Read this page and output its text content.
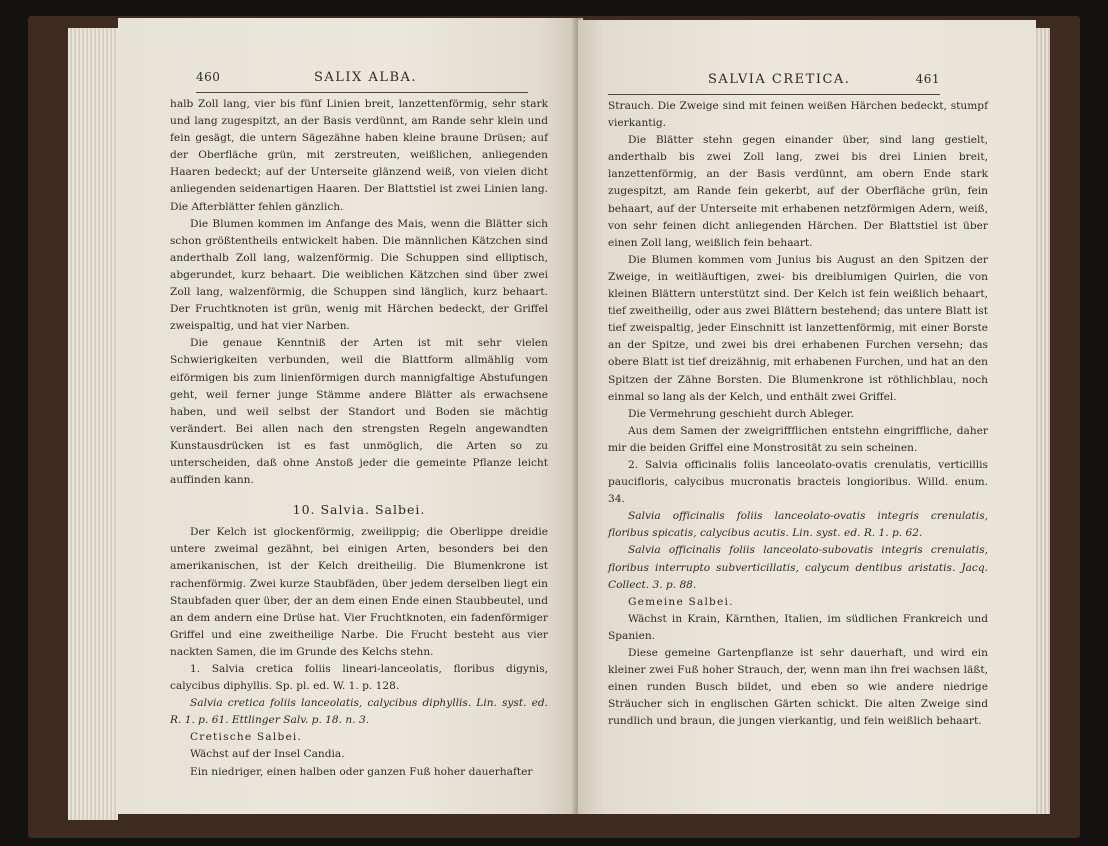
460	SALIX ALBA.

halb Zoll lang, vier bis fünf Linien breit, lanzettenförmig, sehr stark und lang zugespitzt, an der Basis verdünnt, am Rande sehr klein und fein gesägt, die untern Sägezähne haben kleine braune Drüsen; auf der Oberfläche grün, mit zerstreuten, weißlichen, anliegenden Haaren bedeckt; auf der Unterseite glänzend weiß, von vielen dicht anliegenden seidenartigen Haaren. Der Blattstiel ist zwei Linien lang. Die Afterblätter fehlen gänzlich.

Die Blumen kommen im Anfange des Mais, wenn die Blätter sich schon größtentheils entwickelt haben. Die männlichen Kätzchen sind anderthalb Zoll lang, walzenförmig. Die Schuppen sind elliptisch, abgerundet, kurz behaart. Die weiblichen Kätzchen sind über zwei Zoll lang, walzenförmig, die Schuppen sind länglich, kurz behaart. Der Fruchtknoten ist grün, wenig mit Härchen bedeckt, der Griffel zweispaltig, und hat vier Narben.

Die genaue Kenntniß der Arten ist mit sehr vielen Schwierigkeiten verbunden, weil die Blattform allmählig vom eiförmigen bis zum linienförmigen durch mannigfaltige Abstufungen geht, weil ferner junge Stämme andere Blätter als erwachsene haben, und weil selbst der Standort und Boden sie mächtig verändert. Bei allen nach den strengsten Regeln angewandten Kunstausdrücken ist es fast unmöglich, die Arten so zu unterscheiden, daß ohne Anstoß jeder die gemeinte Pflanze leicht auffinden kann.

10. Salvia. Salbei.

Der Kelch ist glockenförmig, zweilippig; die Oberlippe dreidie untere zweimal gezähnt, bei einigen Arten, besonders bei den amerikanischen, ist der Kelch dreitheilig. Die Blumenkrone ist rachenförmig. Zwei kurze Staubfäden, über jedem derselben liegt ein Staubfaden quer über, der an dem einen Ende einen Staubbeutel, und an dem andern eine Drüse hat. Vier Fruchtknoten, ein fadenförmiger Griffel und eine zweitheilige Narbe. Die Frucht besteht aus vier nackten Samen, die im Grunde des Kelchs stehn.

1. Salvia cretica foliis lineari-lanceolatis, floribus digynis, calycibus diphyllis. Sp. pl. ed. W. 1. p. 128.

Salvia cretica foliis lanceolatis, calycibus diphyllis. Lin. syst. ed. R. 1. p. 61. Ettlinger Salv. p. 18. n. 3.

Cretische Salbei.

Wächst auf der Insel Candia.

Ein niedriger, einen halben oder ganzen Fuß hoher dauerhafter

SALVIA CRETICA.	461

Strauch. Die Zweige sind mit feinen weißen Härchen bedeckt, stumpf vierkantig.

Die Blätter stehn gegen einander über, sind lang gestielt, anderthalb bis zwei Zoll lang, zwei bis drei Linien breit, lanzettenförmig, an der Basis verdünnt, am obern Ende stark zugespitzt, am Rande fein gekerbt, auf der Oberfläche grün, fein behaart, auf der Unterseite mit erhabenen netzförmigen Adern, weiß, von sehr feinen dicht anliegenden Härchen. Der Blattstiel ist über einen Zoll lang, weißlich fein behaart.

Die Blumen kommen vom Junius bis August an den Spitzen der Zweige, in weitläuftigen, zwei- bis dreiblumigen Quirlen, die von kleinen Blättern unterstützt sind. Der Kelch ist fein weißlich behaart, tief zweitheilig, oder aus zwei Blättern bestehend; das untere Blatt ist tief zweispaltig, jeder Einschnitt ist lanzettenförmig, mit einer Borste an der Spitze, und zwei bis drei erhabenen Furchen versehn; das obere Blatt ist tief dreizähnig, mit erhabenen Furchen, und hat an den Spitzen der Zähne Borsten. Die Blumenkrone ist röthlichblau, noch einmal so lang als der Kelch, und enthält zwei Griffel.

Die Vermehrung geschieht durch Ableger.

Aus dem Samen der zweigriffflichen entstehn eingriffliche, daher mir die beiden Griffel eine Monstrosität zu sein scheinen.

2. Salvia officinalis foliis lanceolato-ovatis crenulatis, verticillis paucifloris, calycibus mucronatis bracteis longioribus. Willd. enum. 34.

Salvia officinalis foliis lanceolato-ovatis integris crenulatis, floribus spicatis, calycibus acutis. Lin. syst. ed. R. 1. p. 62.

Salvia officinalis foliis lanceolato-subovatis integris crenulatis, floribus interrupto subverticillatis, calycum dentibus aristatis. Jacq. Collect. 3. p. 88.

Gemeine Salbei.

Wächst in Krain, Kärnthen, Italien, im südlichen Frankreich und Spanien.

Diese gemeine Gartenpflanze ist sehr dauerhaft, und wird ein kleiner zwei Fuß hoher Strauch, der, wenn man ihn frei wachsen läßt, einen runden Busch bildet, und eben so wie andere niedrige Sträucher sich in englischen Gärten schickt. Die alten Zweige sind rundlich und braun, die jungen vierkantig, und fein weißlich behaart.
